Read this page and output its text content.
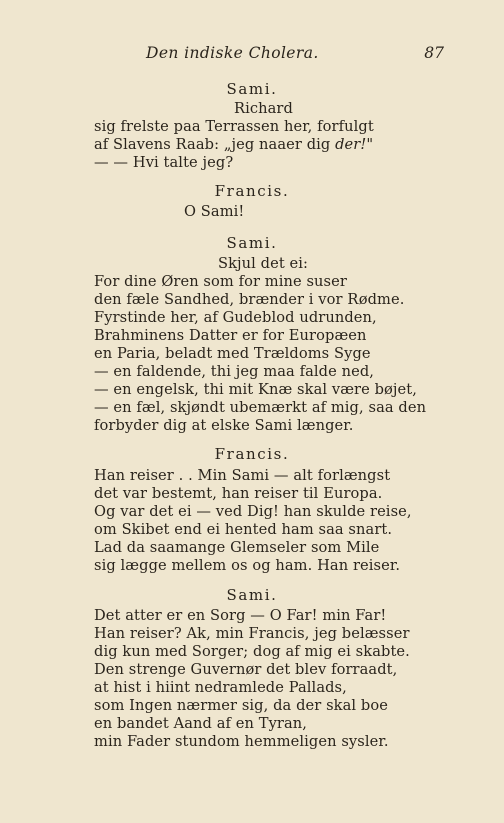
Den indiske Cholera.	87
Sami.
Richard
sig frelste paa Terrassen her, forfulgt
af Slavens Raab: „jeg naaer dig der!"
— — Hvi talte jeg?
Francis.
O Sami!
Sami.
Skjul det ei:
For dine Øren som for mine suser
den fæle Sandhed, brænder i vor Rødme.
Fyrstinde her, af Gudeblod udrunden,
Brahminens Datter er for Europæen
en Paria, beladt med Trældoms Syge
— en faldende, thi jeg maa falde ned,
— en engelsk, thi mit Knæ skal være bøjet,
— en fæl, skjøndt ubemærkt af mig, saa den
forbyder dig at elske Sami længer.
Francis.
Han reiser . . Min Sami — alt forlængst
det var bestemt, han reiser til Europa.
Og var det ei — ved Dig! han skulde reise,
om Skibet end ei hented ham saa snart.
Lad da saamange Glemseler som Mile
sig lægge mellem os og ham. Han reiser.
Sami.
Det atter er en Sorg — O Far! min Far!
Han reiser? Ak, min Francis, jeg belæsser
dig kun med Sorger; dog af mig ei skabte.
Den strenge Guvernør det blev forraadt,
at hist i hiint nedramlede Pallads,
som Ingen nærmer sig, da der skal boe
en bandet Aand af en Tyran,
min Fader stundom hemmeligen sysler.
